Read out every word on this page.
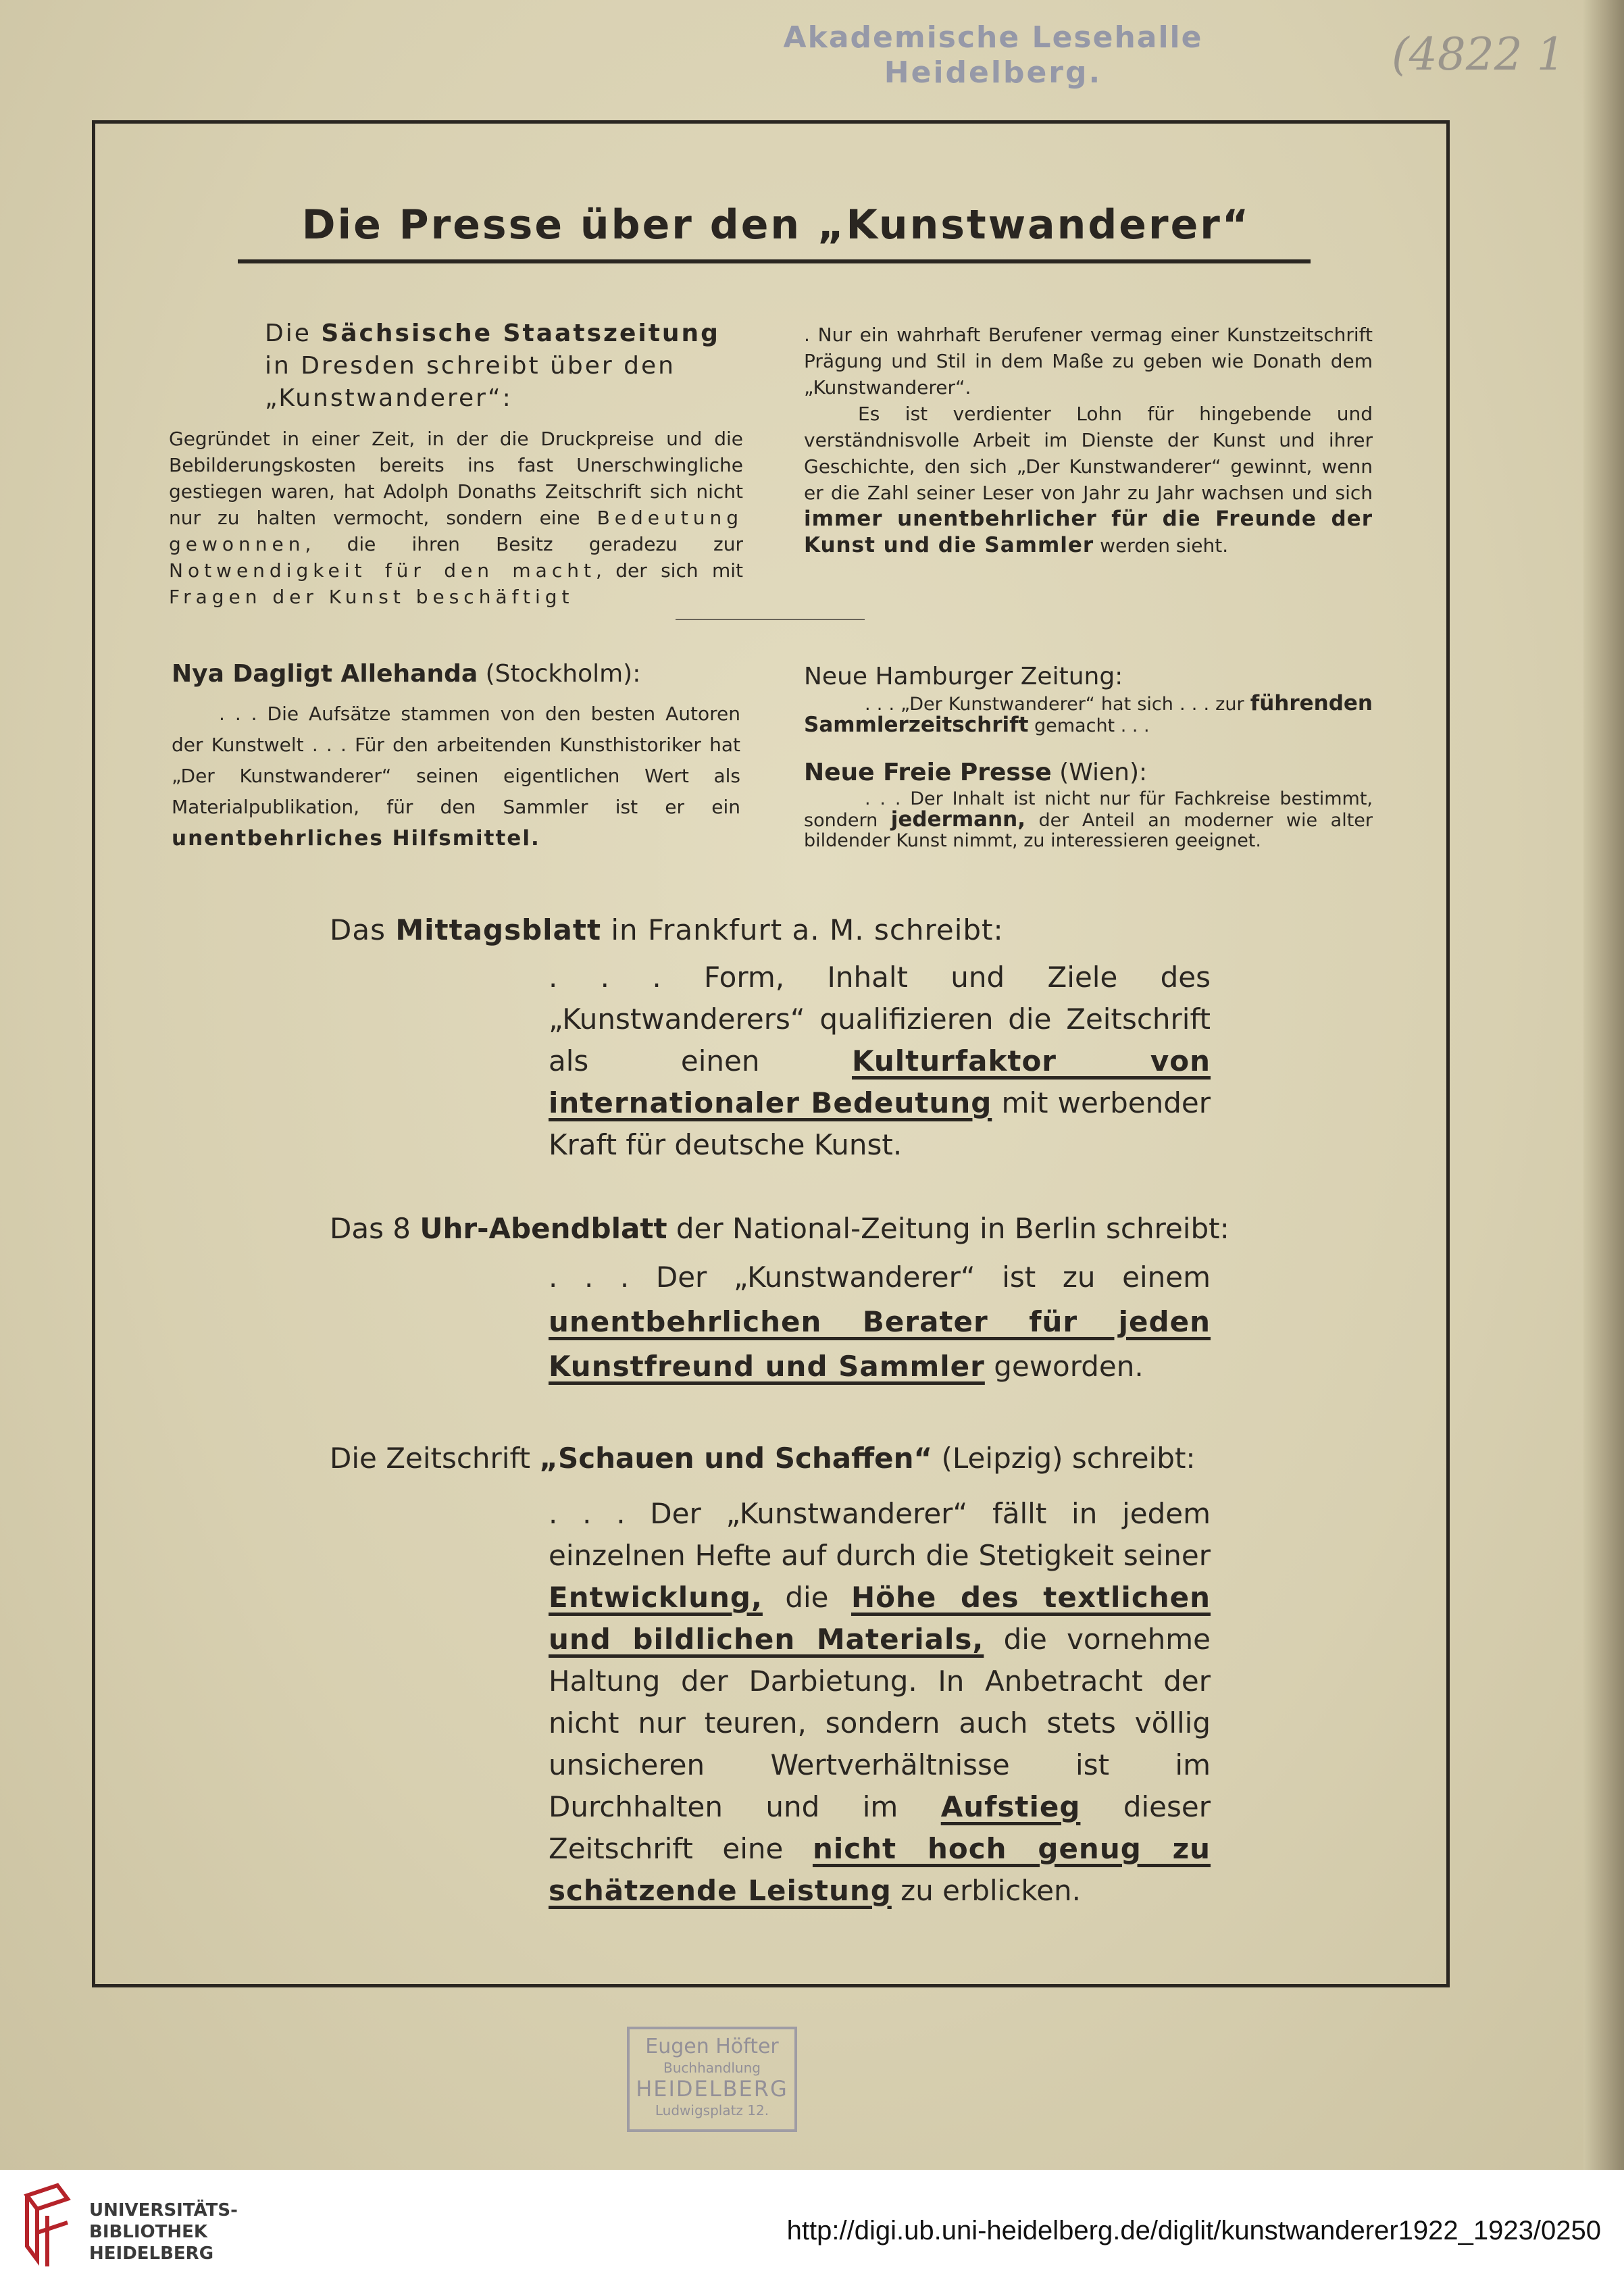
Akademische Lesehalle
Heidelberg.	(4822 1
Die Presse über den „Kunstwanderer“
Die Sächsische Staatszeitung in Dresden schreibt über den „Kunstwanderer“:
Gegründet in einer Zeit, in der die Druckpreise und die Bebilderungskosten bereits ins fast Unerschwingliche gestiegen waren, hat Adolph Donaths Zeitschrift sich nicht nur zu halten vermocht, sondern eine Bedeutung gewonnen, die ihren Besitz geradezu zur Notwendigkeit für den macht, der sich mit Fragen der Kunst beschäftigt
. Nur ein wahrhaft Berufener vermag einer Kunstzeitschrift Prägung und Stil in dem Maße zu geben wie Donath dem „Kunstwanderer“.
Es ist verdienter Lohn für hingebende und verständnisvolle Arbeit im Dienste der Kunst und ihrer Geschichte, den sich „Der Kunstwanderer“ gewinnt, wenn er die Zahl seiner Leser von Jahr zu Jahr wachsen und sich immer unentbehrlicher für die Freunde der Kunst und die Sammler werden sieht.
Nya Dagligt Allehanda (Stockholm):
. . . Die Aufsätze stammen von den besten Autoren der Kunstwelt . . . Für den arbeitenden Kunsthistoriker hat „Der Kunstwanderer“ seinen eigentlichen Wert als Materialpublikation, für den Sammler ist er ein unentbehrliches Hilfsmittel.
Neue Hamburger Zeitung:
. . . „Der Kunstwanderer“ hat sich . . . zur führenden Sammlerzeitschrift gemacht . . .
Neue Freie Presse (Wien):
. . . Der Inhalt ist nicht nur für Fachkreise bestimmt, sondern jedermann, der Anteil an moderner wie alter bildender Kunst nimmt, zu interessieren geeignet.
Das Mittagsblatt in Frankfurt a. M. schreibt:
. . . Form, Inhalt und Ziele des „Kunstwanderers“ qualifizieren die Zeitschrift als einen Kulturfaktor von internationaler Bedeutung mit werbender Kraft für deutsche Kunst.
Das 8 Uhr-Abendblatt der National-Zeitung in Berlin schreibt:
. . . Der „Kunstwanderer“ ist zu einem unentbehrlichen Berater für jeden Kunstfreund und Sammler geworden.
Die Zeitschrift „Schauen und Schaffen“ (Leipzig) schreibt:
. . . Der „Kunstwanderer“ fällt in jedem einzelnen Hefte auf durch die Stetigkeit seiner Entwicklung, die Höhe des textlichen und bildlichen Materials, die vornehme Haltung der Darbietung. In Anbetracht der nicht nur teuren, sondern auch stets völlig unsicheren Wertverhältnisse ist im Durchhalten und im Aufstieg dieser Zeitschrift eine nicht hoch genug zu schätzende Leistung zu erblicken.
Eugen Höfter
Buchhandlung
HEIDELBERG
Ludwigsplatz 12.
UNIVERSITÄTS-
BIBLIOTHEK
HEIDELBERG
http://digi.ub.uni-heidelberg.de/diglit/kunstwanderer1922_1923/0250
